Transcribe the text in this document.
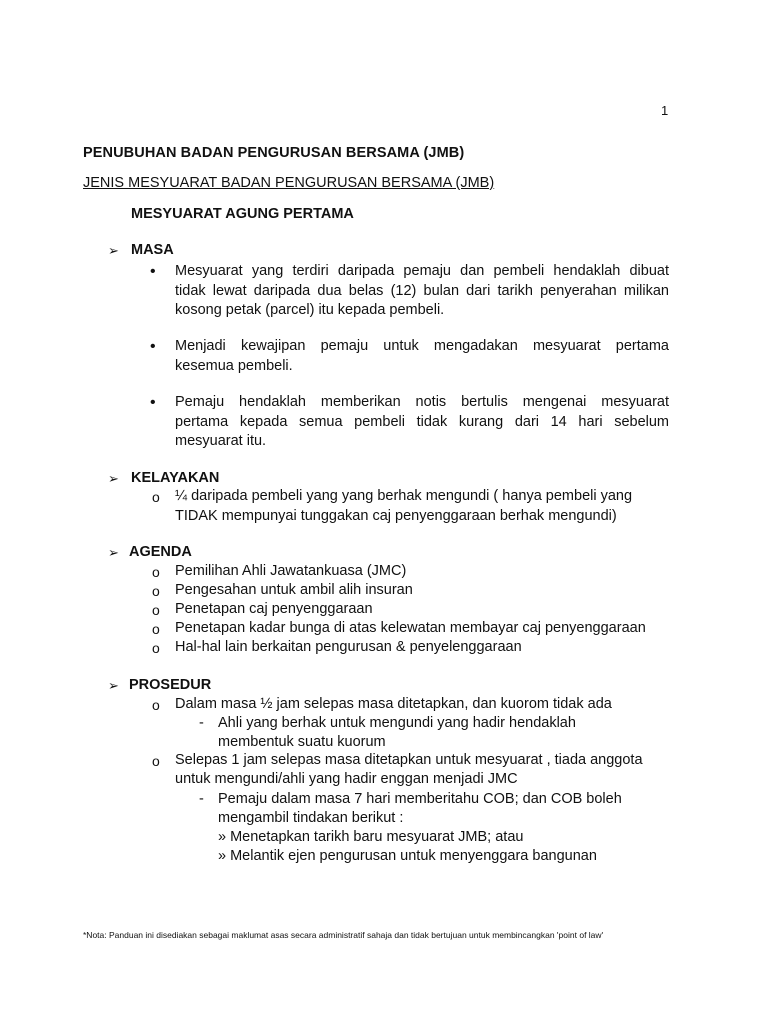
1
PENUBUHAN BADAN PENGURUSAN BERSAMA (JMB)
JENIS MESYUARAT BADAN PENGURUSAN BERSAMA (JMB)
MESYUARAT AGUNG PERTAMA
➢ MASA
• Mesyuarat yang terdiri daripada pemaju dan pembeli hendaklah dibuat
tidak lewat daripada dua belas (12) bulan dari tarikh penyerahan milikan
kosong petak (parcel) itu kepada pembeli.
• Menjadi kewajipan pemaju untuk mengadakan mesyuarat pertama
kesemua pembeli.
• Pemaju hendaklah memberikan notis bertulis mengenai mesyuarat
pertama kepada semua pembeli tidak kurang dari 14 hari sebelum
mesyuarat itu.
➢ KELAYAKAN
o ¼ daripada pembeli yang yang berhak mengundi ( hanya pembeli yang
TIDAK mempunyai tunggakan caj penyenggaraan berhak mengundi)
➢ AGENDA
o Pemilihan Ahli Jawatankuasa (JMC)
o Pengesahan untuk ambil alih insuran
o Penetapan caj penyenggaraan
o Penetapan kadar bunga di atas kelewatan membayar caj penyenggaraan
o Hal-hal lain berkaitan pengurusan & penyelenggaraan
➢ PROSEDUR
o Dalam masa ½ jam selepas masa ditetapkan, dan kuorom tidak ada
- Ahli yang berhak untuk mengundi yang hadir hendaklah
membentuk suatu kuorum
o Selepas 1 jam selepas masa ditetapkan untuk mesyuarat , tiada anggota
untuk mengundi/ahli yang hadir enggan menjadi JMC
- Pemaju dalam masa 7 hari memberitahu COB; dan COB boleh
mengambil tindakan berikut :
» Menetapkan tarikh baru mesyuarat JMB; atau
» Melantik ejen pengurusan untuk menyenggara bangunan
*Nota: Panduan ini disediakan sebagai maklumat asas secara administratif sahaja dan tidak bertujuan untuk membincangkan 'point of law'
